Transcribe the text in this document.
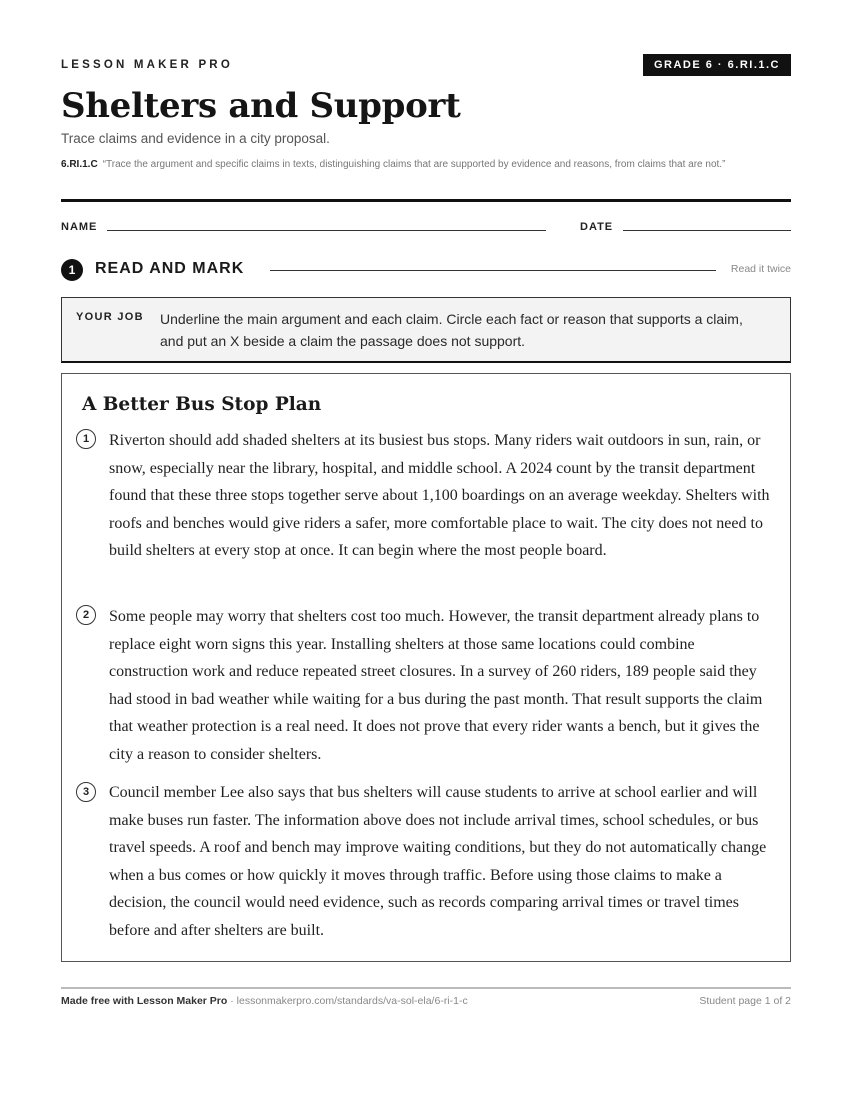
LESSON MAKER PRO	GRADE 6 · 6.RI.1.C
Shelters and Support
Trace claims and evidence in a city proposal.
6.RI.1.C “Trace the argument and specific claims in texts, distinguishing claims that are supported by evidence and reasons, from claims that are not.”
NAME	DATE
1	READ AND MARK	Read it twice
YOUR JOB Underline the main argument and each claim. Circle each fact or reason that supports a claim, and put an X beside a claim the passage does not support.
A Better Bus Stop Plan
1	Riverton should add shaded shelters at its busiest bus stops. Many riders wait outdoors in sun, rain, or snow, especially near the library, hospital, and middle school. A 2024 count by the transit department found that these three stops together serve about 1,100 boardings on an average weekday. Shelters with roofs and benches would give riders a safer, more comfortable place to wait. The city does not need to build shelters at every stop at once. It can begin where the most people board.
2	Some people may worry that shelters cost too much. However, the transit department already plans to replace eight worn signs this year. Installing shelters at those same locations could combine construction work and reduce repeated street closures. In a survey of 260 riders, 189 people said they had stood in bad weather while waiting for a bus during the past month. That result supports the claim that weather protection is a real need. It does not prove that every rider wants a bench, but it gives the city a reason to consider shelters.
3	Council member Lee also says that bus shelters will cause students to arrive at school earlier and will make buses run faster. The information above does not include arrival times, school schedules, or bus travel speeds. A roof and bench may improve waiting conditions, but they do not automatically change when a bus comes or how quickly it moves through traffic. Before using those claims to make a decision, the council would need evidence, such as records comparing arrival times or travel times before and after shelters are built.
Made free with Lesson Maker Pro · lessonmakerpro.com/standards/va-sol-ela/6-ri-1-c	Student page 1 of 2
